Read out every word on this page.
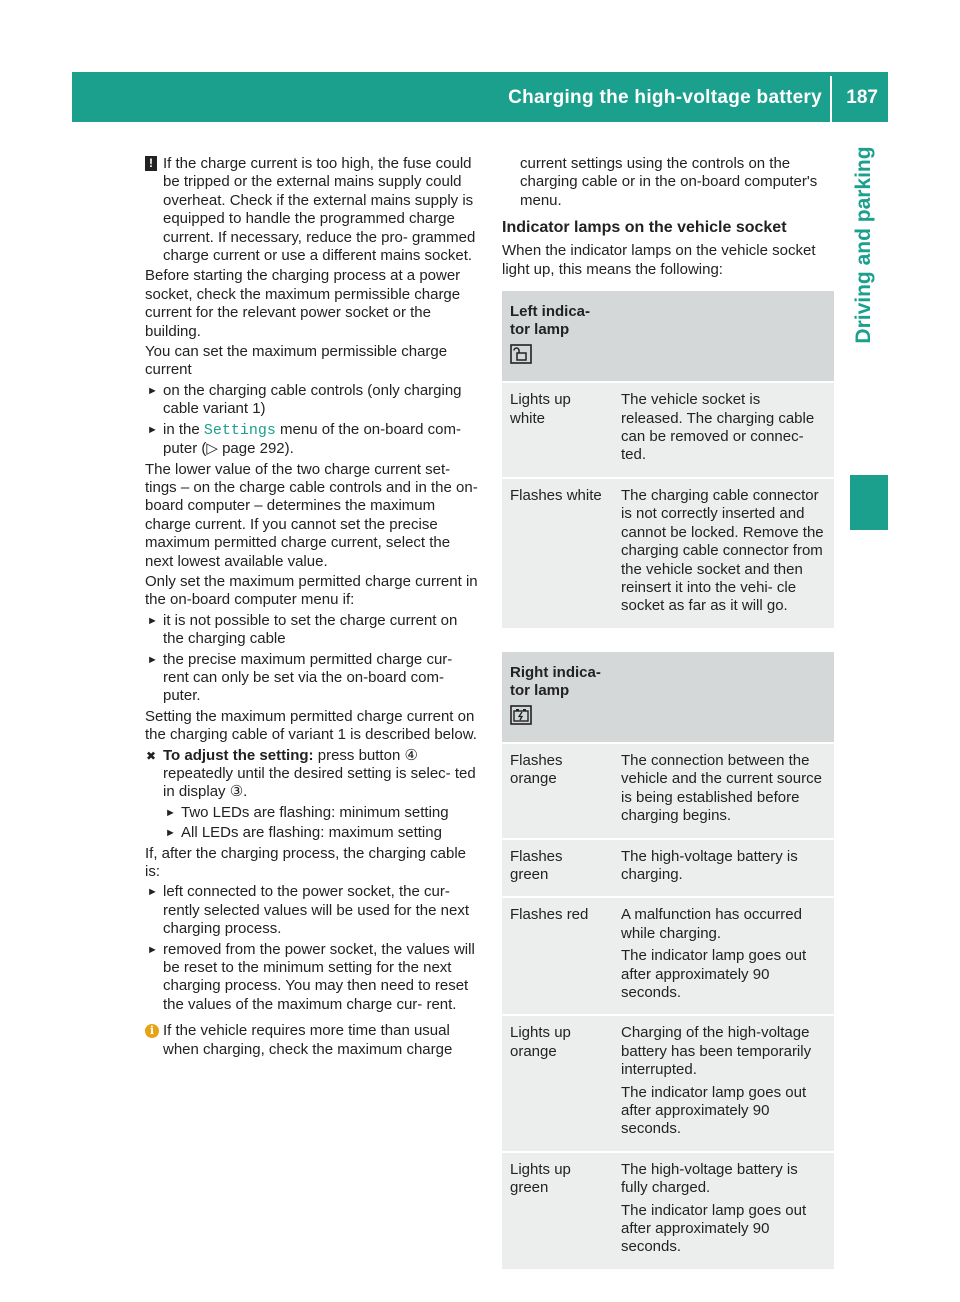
Charging the high-voltage battery 187
Driving and parking

! If the charge current is too high, the fuse could be tripped or the external mains supply could overheat. Check if the external mains supply is equipped to handle the programmed charge current. If necessary, reduce the pro- grammed charge current or use a different mains socket.

Before starting the charging process at a power socket, check the maximum permissible charge current for the relevant power socket or the building.

You can set the maximum permissible charge current

► on the charging cable controls (only charging cable variant 1)

► in the Settings menu of the on-board com- puter (▷ page 292).

The lower value of the two charge current set- tings – on the charge cable controls and in the on-board computer – determines the maximum charge current. If you cannot set the precise maximum permitted charge current, select the next lowest available value.

Only set the maximum permitted charge current in the on-board computer menu if:

► it is not possible to set the charge current on the charging cable

► the precise maximum permitted charge cur- rent can only be set via the on-board com- puter.

Setting the maximum permitted charge current on the charging cable of variant 1 is described below.

✖ To adjust the setting: press button ④ repeatedly until the desired setting is selec- ted in display ③.

► Two LEDs are flashing: minimum setting

► All LEDs are flashing: maximum setting

If, after the charging process, the charging cable is:

► left connected to the power socket, the cur- rently selected values will be used for the next charging process.

► removed from the power socket, the values will be reset to the minimum setting for the next charging process. You may then need to reset the values of the maximum charge cur- rent.

i If the vehicle requires more time than usual when charging, check the maximum charge

current settings using the controls on the charging cable or in the on-board computer's menu.

Indicator lamps on the vehicle socket

When the indicator lamps on the vehicle socket light up, this means the following:

Left indica- tor lamp	

Lights up white	The vehicle socket is released. The charging cable can be removed or connec- ted.

Flashes white	The charging cable connector is not correctly inserted and cannot be locked. Remove the charging cable connector from the vehicle socket and then reinsert it into the vehi- cle socket as far as it will go.

Right indica- tor lamp	

Flashes orange	The connection between the vehicle and the current source is being established before charging begins.

Flashes green	The high-voltage battery is charging.

Flashes red	A malfunction has occurred while charging.

The indicator lamp goes out after approximately 90 seconds.

Lights up orange	Charging of the high-voltage battery has been temporarily interrupted.

The indicator lamp goes out after approximately 90 seconds.

Lights up green	The high-voltage battery is fully charged.

The indicator lamp goes out after approximately 90 seconds.
